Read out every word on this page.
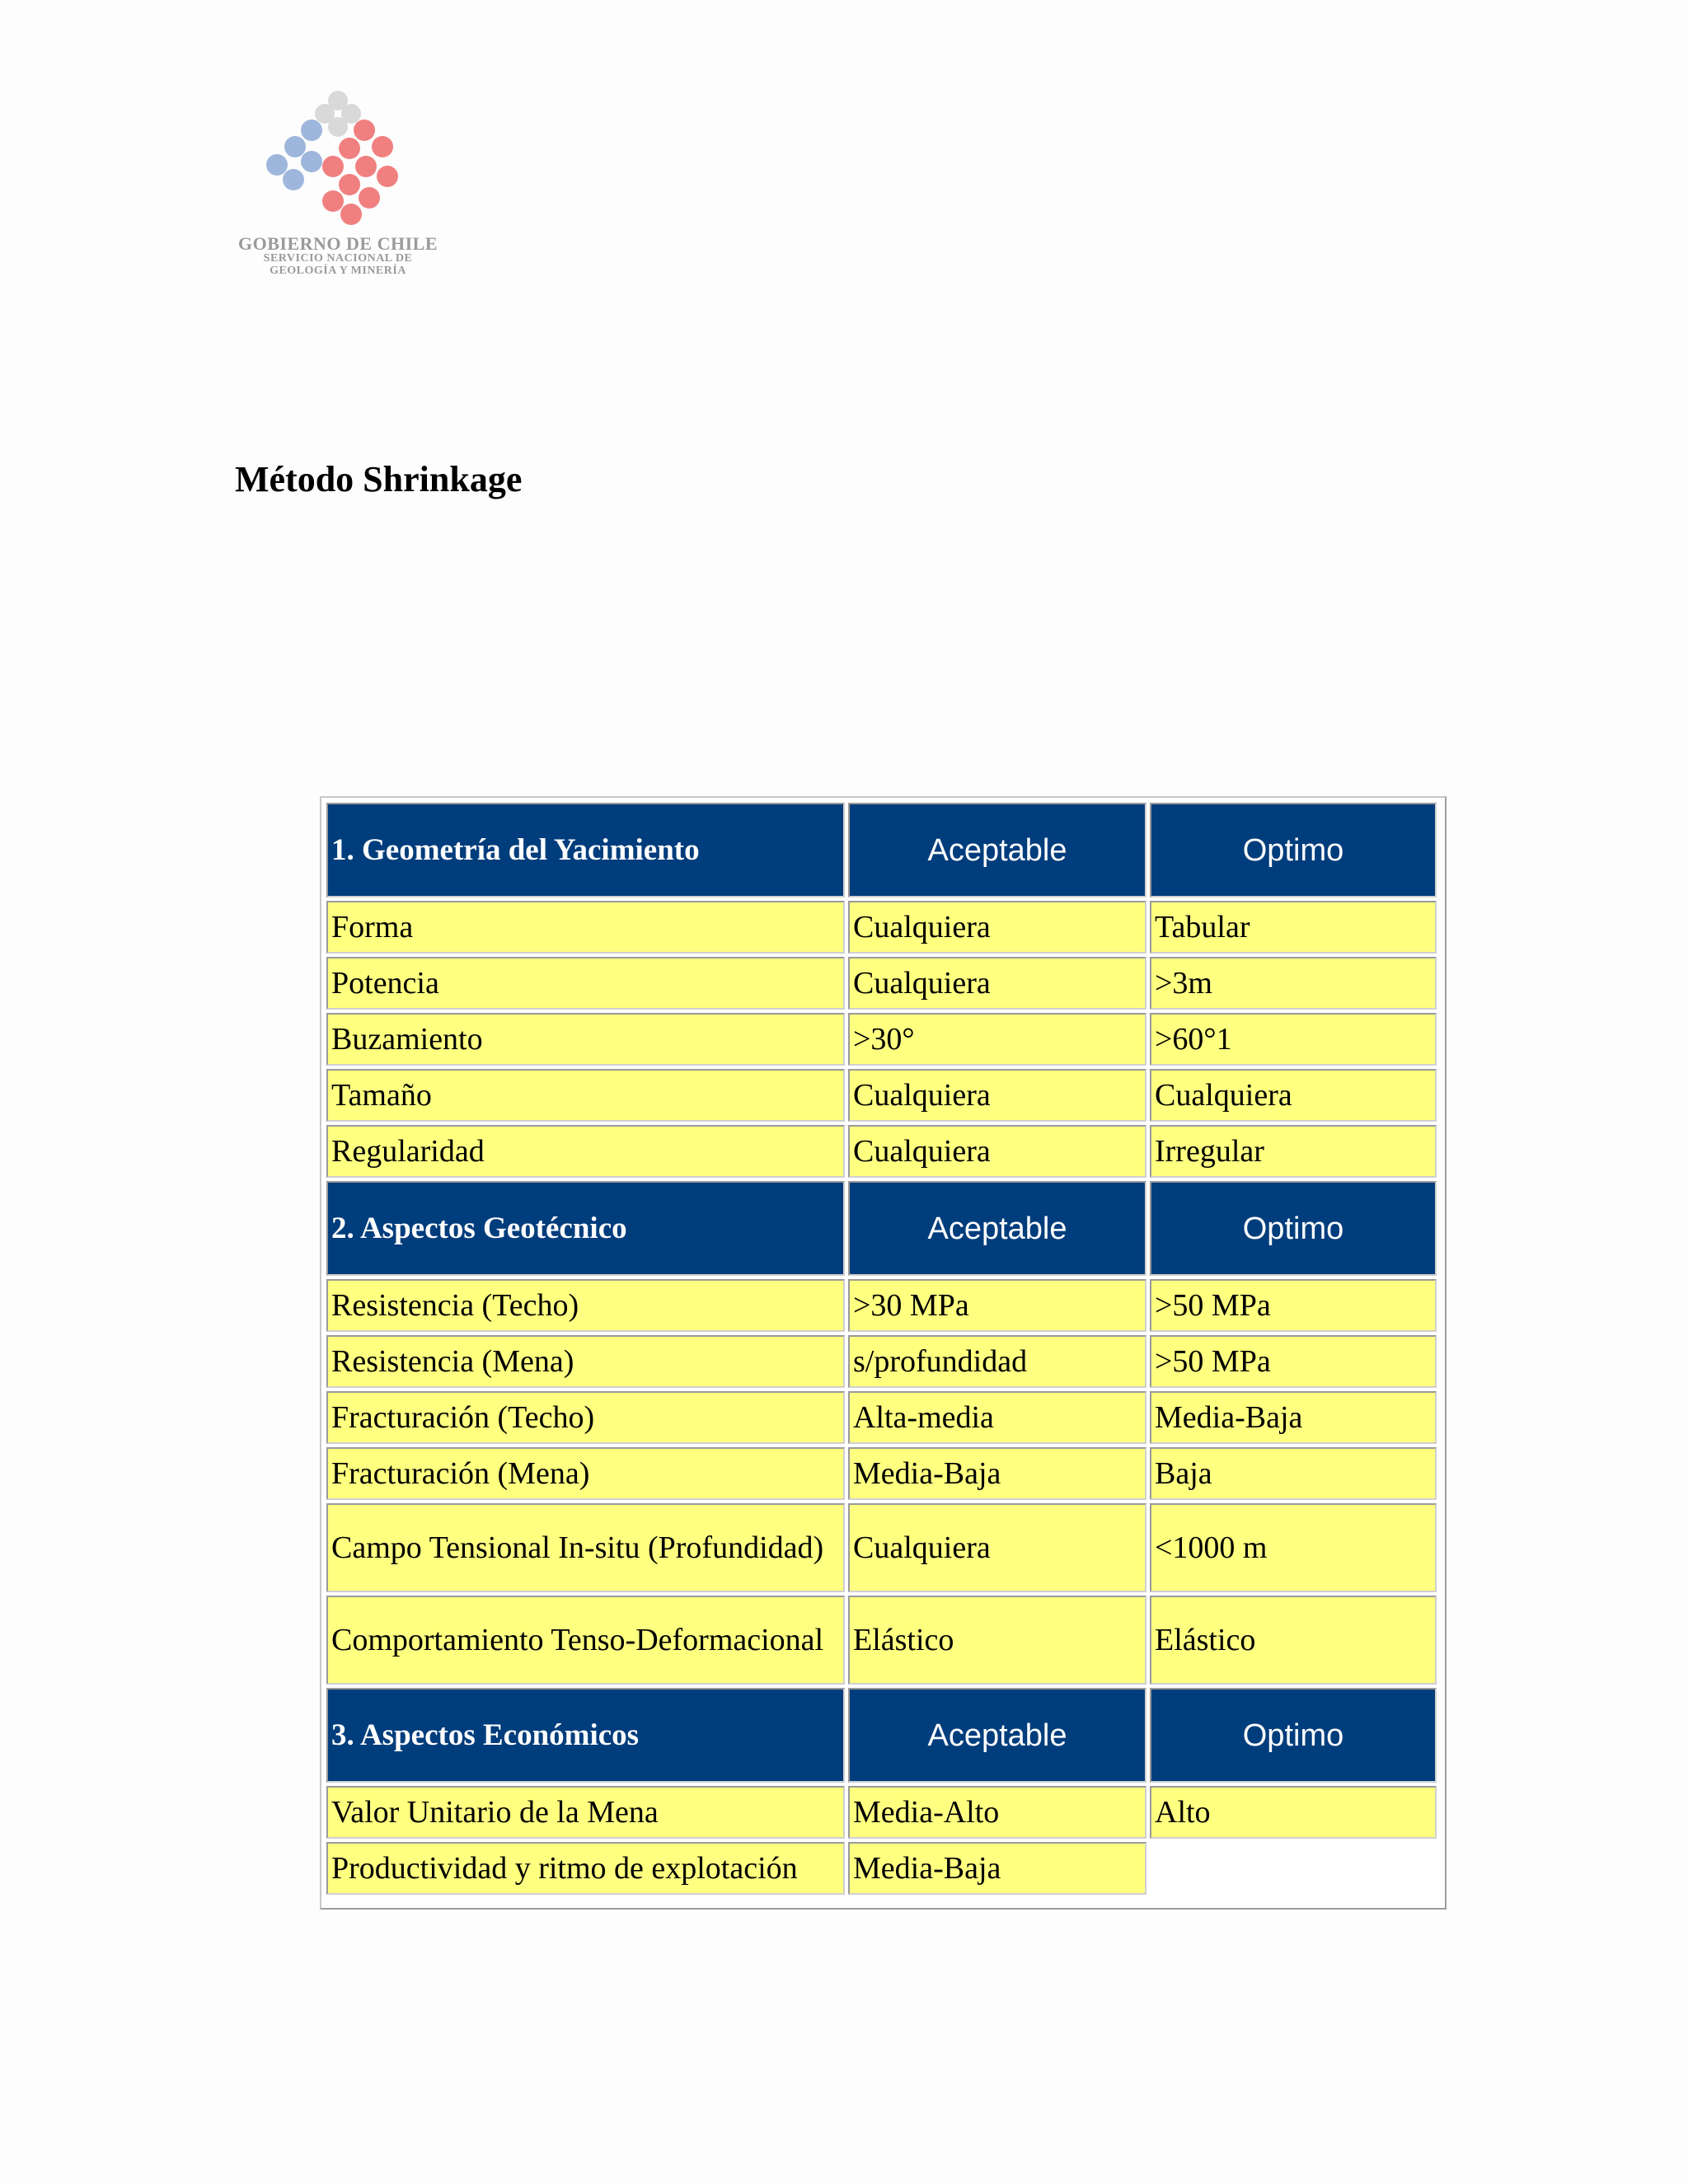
GOBIERNO DE CHILE
SERVICIO NACIONAL DE
GEOLOGÍA Y MINERÍA
Método Shrinkage
1. Geometría del Yacimiento	Aceptable	Optimo
Forma	Cualquiera	Tabular
Potencia	Cualquiera	>3m
Buzamiento	>30°	>60°1
Tamaño	Cualquiera	Cualquiera
Regularidad	Cualquiera	Irregular
2. Aspectos Geotécnico	Aceptable	Optimo
Resistencia (Techo)	>30 MPa	>50 MPa
Resistencia (Mena)	s/profundidad	>50 MPa
Fracturación (Techo)	Alta-media	Media-Baja
Fracturación (Mena)	Media-Baja	Baja
Campo Tensional In-situ (Profundidad)	Cualquiera	<1000 m
Comportamiento Tenso-Deformacional	Elástico	Elástico
3. Aspectos Económicos	Aceptable	Optimo
Valor Unitario de la Mena	Media-Alto	Alto
Productividad y ritmo de explotación	Media-Baja	
